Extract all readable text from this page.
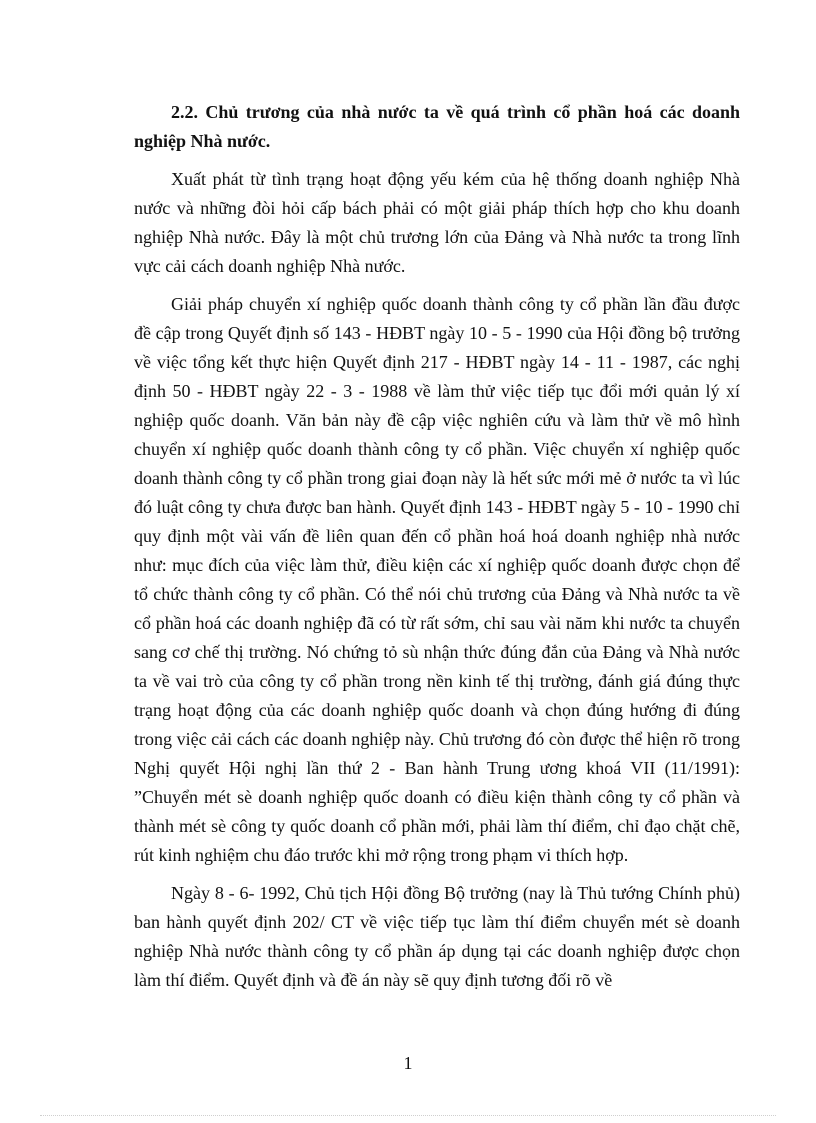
2.2. Chủ trương của nhà nước ta về quá trình cổ phần hoá các doanh nghiệp Nhà nước.

Xuất phát từ tình trạng hoạt động yếu kém của hệ thống doanh nghiệp Nhà nước và những đòi hỏi cấp bách phải có một giải pháp thích hợp cho khu doanh nghiệp Nhà nước. Đây là một chủ trương lớn của Đảng và Nhà nước ta trong lĩnh vực cải cách doanh nghiệp Nhà nước.

Giải pháp chuyển xí nghiệp quốc doanh thành công ty cổ phần lần đầu được đề cập trong Quyết định số 143 - HĐBT ngày 10 - 5 - 1990 của Hội đồng bộ trưởng về việc tổng kết thực hiện Quyết định 217 - HĐBT ngày 14 - 11 - 1987, các nghị định 50 - HĐBT ngày 22 - 3 - 1988 về làm thử việc tiếp tục đổi mới quản lý xí nghiệp quốc doanh. Văn bản này đề cập việc nghiên cứu và làm thử về mô hình chuyển xí nghiệp quốc doanh thành công ty cổ phần. Việc chuyển xí nghiệp quốc doanh thành công ty cổ phần trong giai đoạn này là hết sức mới mẻ ở nước ta vì lúc đó luật công ty chưa được ban hành. Quyết định 143 - HĐBT ngày 5 - 10 - 1990 chỉ quy định một vài vấn đề liên quan đến cổ phần hoá hoá doanh nghiệp nhà nước như: mục đích của việc làm thử, điều kiện các xí nghiệp quốc doanh được chọn để tổ chức thành công ty cổ phần. Có thể nói chủ trương của Đảng và Nhà nước ta về cổ phần hoá các doanh nghiệp đã có từ rất sớm, chỉ sau vài năm khi nước ta chuyển sang cơ chế thị trường. Nó chứng tỏ sù nhận thức đúng đắn của Đảng và Nhà nước ta về vai trò của công ty cổ phần trong nền kinh tế thị trường, đánh giá đúng thực trạng hoạt động của các doanh nghiệp quốc doanh và chọn đúng hướng đi đúng trong việc cải cách các doanh nghiệp này. Chủ trương đó còn được thể hiện rõ trong Nghị quyết Hội nghị lần thứ 2 - Ban hành Trung ương khoá VII (11/1991): ”Chuyển mét sè doanh nghiệp quốc doanh có điều kiện thành công ty cổ phần và thành mét sè công ty quốc doanh cổ phần mới, phải làm thí điểm, chỉ đạo chặt chẽ, rút kinh nghiệm chu đáo trước khi mở rộng trong phạm vi thích hợp.

Ngày 8 - 6- 1992, Chủ tịch Hội đồng Bộ trưởng (nay là Thủ tướng Chính phủ) ban hành quyết định 202/ CT về việc tiếp tục làm thí điểm chuyển mét sè doanh nghiệp Nhà nước thành công ty cổ phần áp dụng tại các doanh nghiệp được chọn làm thí điểm. Quyết định và đề án này sẽ quy định tương đối rõ về

1
